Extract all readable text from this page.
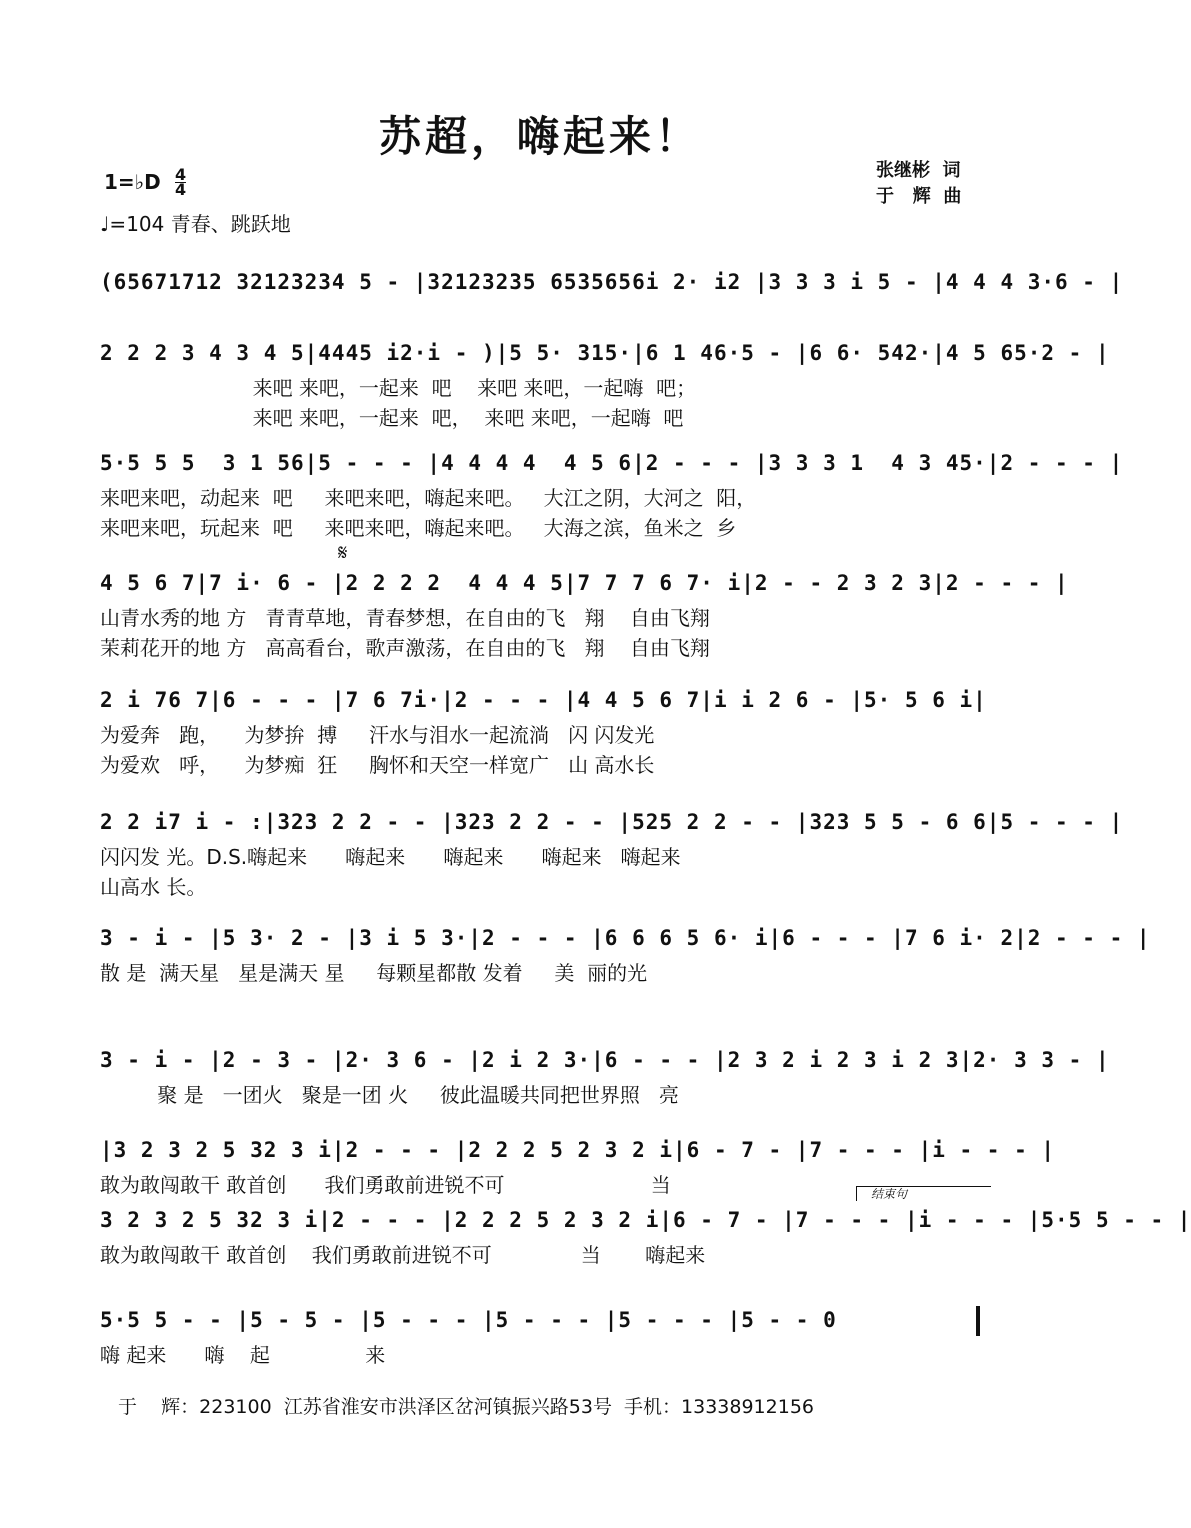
苏超，嗨起来！
张继彬  词
于   辉  曲
1=♭D $\frac{4}{4}$
♩=104 青春、跳跃地
(65671712 32123234 5 - |32123235 6535656i 2· i2 |3 3 3 i 5 - |4 4 4 3·6 - |
2 2 2 3 4 3 4 5|4445 i2·i - )|5 5· 315·|6 1 46·5 - |6 6· 542·|4 5 65·2 - |
来吧 来吧，一起来  吧    来吧 来吧，一起嗨  吧；
来吧 来吧，一起来  吧，  来吧 来吧，一起嗨  吧
5·5 5 5  3 1 56|5 - - - |4 4 4 4  4 5 6|2 - - - |3 3 3 1  4 3 45·|2 - - - |
来吧来吧，动起来  吧     来吧来吧，嗨起来吧。   大江之阴，大河之  阳，
来吧来吧，玩起来  吧     来吧来吧，嗨起来吧。   大海之滨，鱼米之  乡
4 5 6 7|7 i· 6 - |2 2 2 2  4 4 4 5|7 7 7 6 7· i|2 - - 2 3 2 3|2 - - - |
山青水秀的地 方   青青草地，青春梦想，在自由的飞   翔    自由飞翔
茉莉花开的地 方   高高看台，歌声激荡，在自由的飞   翔    自由飞翔
𝄋
2 i 76 7|6 - - - |7 6 7i·|2 - - - |4 4 5 6 7|i i 2 6 - |5· 5 6 i|
为爱奔   跑，    为梦拚  搏     汗水与泪水一起流淌   闪 闪发光
为爱欢   呼，    为梦痴  狂     胸怀和天空一样宽广   山 高水长
2 2 i7 i - :|323 2 2 - - |323 2 2 - - |525 2 2 - - |323 5 5 - 6 6|5 - - - |
闪闪发 光。D.S.嗨起来      嗨起来      嗨起来      嗨起来   嗨起来
山高水 长。
3 - i - |5 3· 2 - |3 i 5 3·|2 - - - |6 6 6 5 6· i|6 - - - |7 6 i· 2|2 - - - |
散 是  满天星   星是满天 星     每颗星都散 发着     美  丽的光
3 - i - |2 - 3 - |2· 3 6 - |2 i 2 3·|6 - - - |2 3 2 i 2 3 i 2 3|2· 3 3 - |
聚 是   一团火   聚是一团 火     彼此温暖共同把世界照   亮
|3 2 3 2 5 32 3 i|2 - - - |2 2 2 5 2 3 2 i|6 - 7 - |7 - - - |i - - - |
敢为敢闯敢干 敢首创      我们勇敢前进锐不可                       当
3 2 3 2 5 32 3 i|2 - - - |2 2 2 5 2 3 2 i|6 - 7 - |7 - - - |i - - - |5·5 5 - - |
敢为敢闯敢干 敢首创    我们勇敢前进锐不可              当       嗨起来
结束句
5·5 5 - - |5 - 5 - |5 - - - |5 - - - |5 - - - |5 - - 0
嗨 起来      嗨    起               来
于    辉：223100  江苏省淮安市洪泽区岔河镇振兴路53号  手机：13338912156
